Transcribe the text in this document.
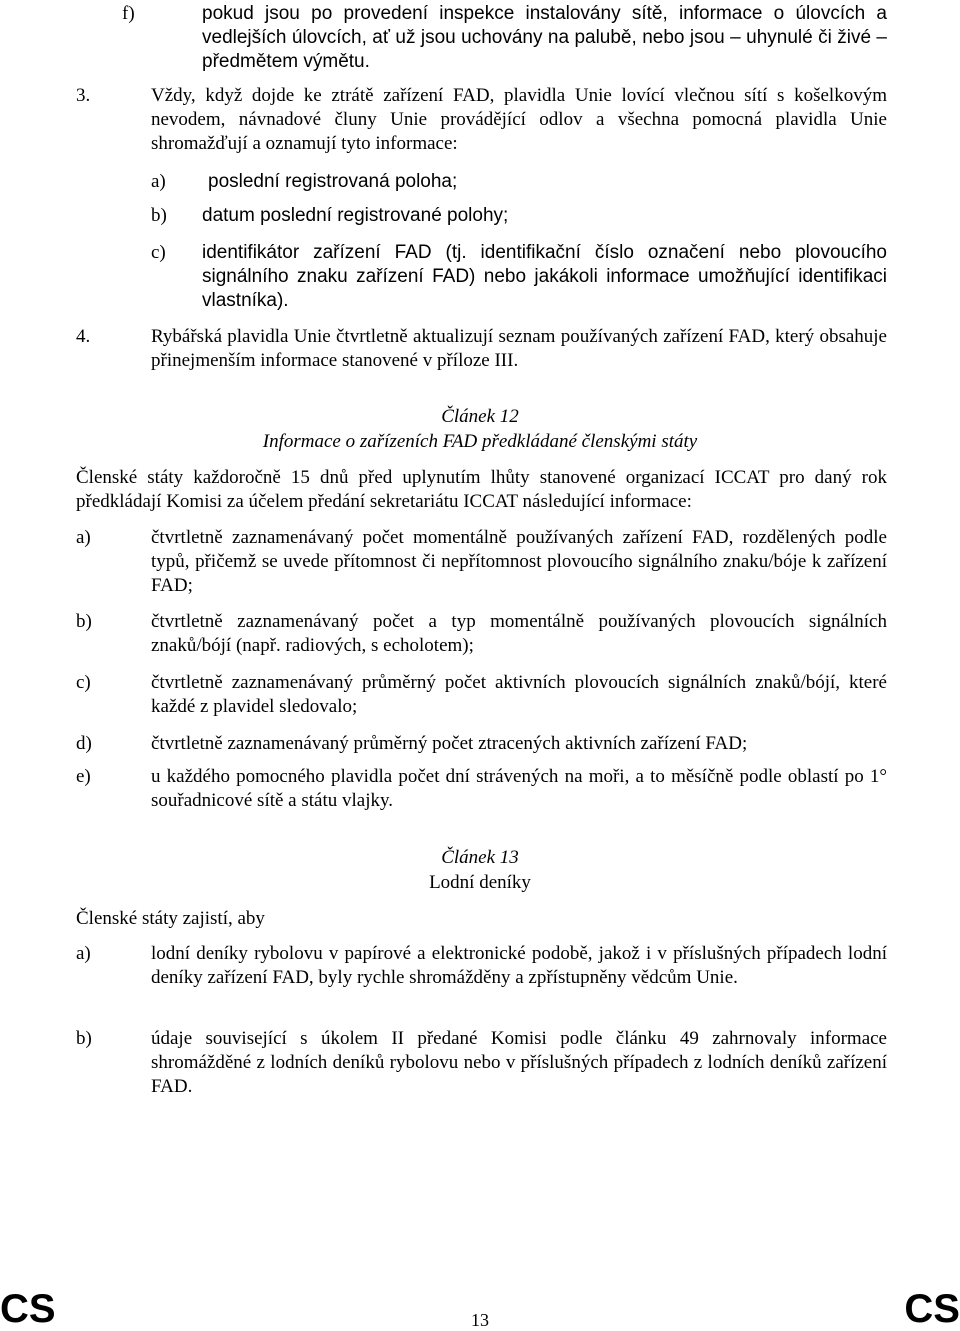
f)	pokud jsou po provedení inspekce instalovány sítě, informace o úlovcích a vedlejších úlovcích, ať už jsou uchovány na palubě, nebo jsou – uhynulé či živé – předmětem výmětu.
3.	Vždy, když dojde ke ztrátě zařízení FAD, plavidla Unie lovící vlečnou sítí s košelkovým nevodem, návnadové čluny Unie provádějící odlov a všechna pomocná plavidla Unie shromažďují a oznamují tyto informace:
a) poslední registrovaná poloha;
b) datum poslední registrované polohy;
c) identifikátor zařízení FAD (tj. identifikační číslo označení nebo plovoucího signálního znaku zařízení FAD) nebo jakákoli informace umožňující identifikaci vlastníka).
4.	Rybářská plavidla Unie čtvrtletně aktualizují seznam používaných zařízení FAD, který obsahuje přinejmenším informace stanovené v příloze III.
Článek 12
Informace o zařízeních FAD předkládané členskými státy
Členské státy každoročně 15 dnů před uplynutím lhůty stanovené organizací ICCAT pro daný rok předkládají Komisi za účelem předání sekretariátu ICCAT následující informace:
a)	čtvrtletně zaznamenávaný počet momentálně používaných zařízení FAD, rozdělených podle typů, přičemž se uvede přítomnost či nepřítomnost plovoucího signálního znaku/bóje k zařízení FAD;
b)	čtvrtletně zaznamenávaný počet a typ momentálně používaných plovoucích signálních znaků/bójí (např. radiových, s echolotem);
c)	čtvrtletně zaznamenávaný průměrný počet aktivních plovoucích signálních znaků/bójí, které každé z plavidel sledovalo;
d)	čtvrtletně zaznamenávaný průměrný počet ztracených aktivních zařízení FAD;
e)	u každého pomocného plavidla počet dní strávených na moři, a to měsíčně podle oblastí po 1° souřadnicové sítě a státu vlajky.
Článek 13
Lodní deníky
Členské státy zajistí, aby
a)	lodní deníky rybolovu v papírové a elektronické podobě, jakož i v příslušných případech lodní deníky zařízení FAD, byly rychle shromážděny a zpřístupněny vědcům Unie.
b)	údaje související s úkolem II předané Komisi podle článku 49 zahrnovaly informace shromážděné z lodních deníků rybolovu nebo v příslušných případech z lodních deníků zařízení FAD.
CS	13	CS
